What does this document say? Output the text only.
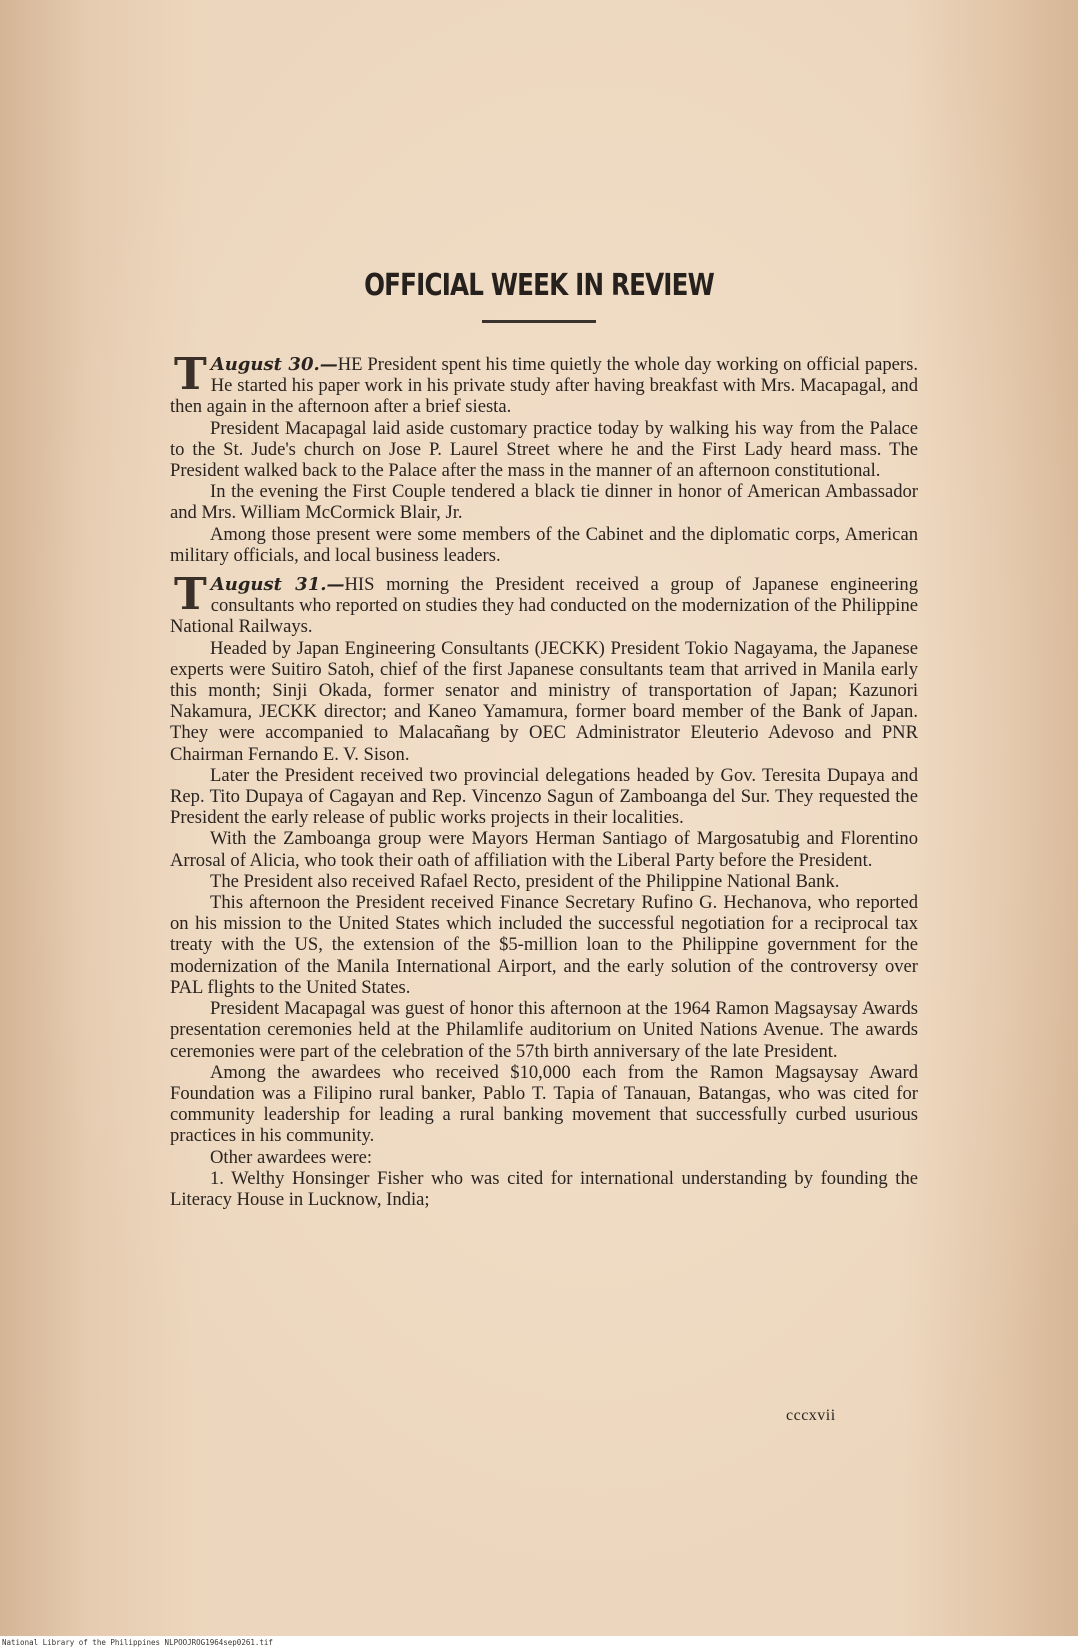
OFFICIAL WEEK IN REVIEW

August 30.—
T	HE President spent his time quietly the whole day working on official papers. He started his paper work in his private study after having breakfast with Mrs. Macapagal, and then again in the afternoon after a brief siesta.

President Macapagal laid aside customary practice today by walking his way from the Palace to the St. Jude's church on Jose P. Laurel Street where he and the First Lady heard mass. The President walked back to the Palace after the mass in the manner of an afternoon constitutional.

In the evening the First Couple tendered a black tie dinner in honor of American Ambassador and Mrs. William McCormick Blair, Jr.

Among those present were some members of the Cabinet and the diplomatic corps, American military officials, and local business leaders.

August 31.—
T	HIS morning the President received a group of Japanese engineering consultants who reported on studies they had conducted on the modernization of the Philippine National Railways.

Headed by Japan Engineering Consultants (JECKK) President Tokio Nagayama, the Japanese experts were Suitiro Satoh, chief of the first Japanese consultants team that arrived in Manila early this month; Sinji Okada, former senator and ministry of transportation of Japan; Kazunori Nakamura, JECKK director; and Kaneo Yamamura, former board member of the Bank of Japan. They were accompanied to Malacañang by OEC Administrator Eleuterio Adevoso and PNR Chairman Fernando E. V. Sison.

Later the President received two provincial delegations headed by Gov. Teresita Dupaya and Rep. Tito Dupaya of Cagayan and Rep. Vincenzo Sagun of Zamboanga del Sur. They requested the President the early release of public works projects in their localities.

With the Zamboanga group were Mayors Herman Santiago of Margosatubig and Florentino Arrosal of Alicia, who took their oath of affiliation with the Liberal Party before the President.

The President also received Rafael Recto, president of the Philippine National Bank.

This afternoon the President received Finance Secretary Rufino G. Hechanova, who reported on his mission to the United States which included the successful negotiation for a reciprocal tax treaty with the US, the extension of the $5-million loan to the Philippine government for the modernization of the Manila International Airport, and the early solution of the controversy over PAL flights to the United States.

President Macapagal was guest of honor this afternoon at the 1964 Ramon Magsaysay Awards presentation ceremonies held at the Philamlife auditorium on United Nations Avenue. The awards ceremonies were part of the celebration of the 57th birth anniversary of the late President.

Among the awardees who received $10,000 each from the Ramon Magsaysay Award Foundation was a Filipino rural banker, Pablo T. Tapia of Tanauan, Batangas, who was cited for community leadership for leading a rural banking movement that successfully curbed usurious practices in his community.

Other awardees were:

1. Welthy Honsinger Fisher who was cited for international understanding by founding the Literacy House in Lucknow, India;

cccxvii
National Library of the Philippines NLPOOJROG1964sep0261.tif
